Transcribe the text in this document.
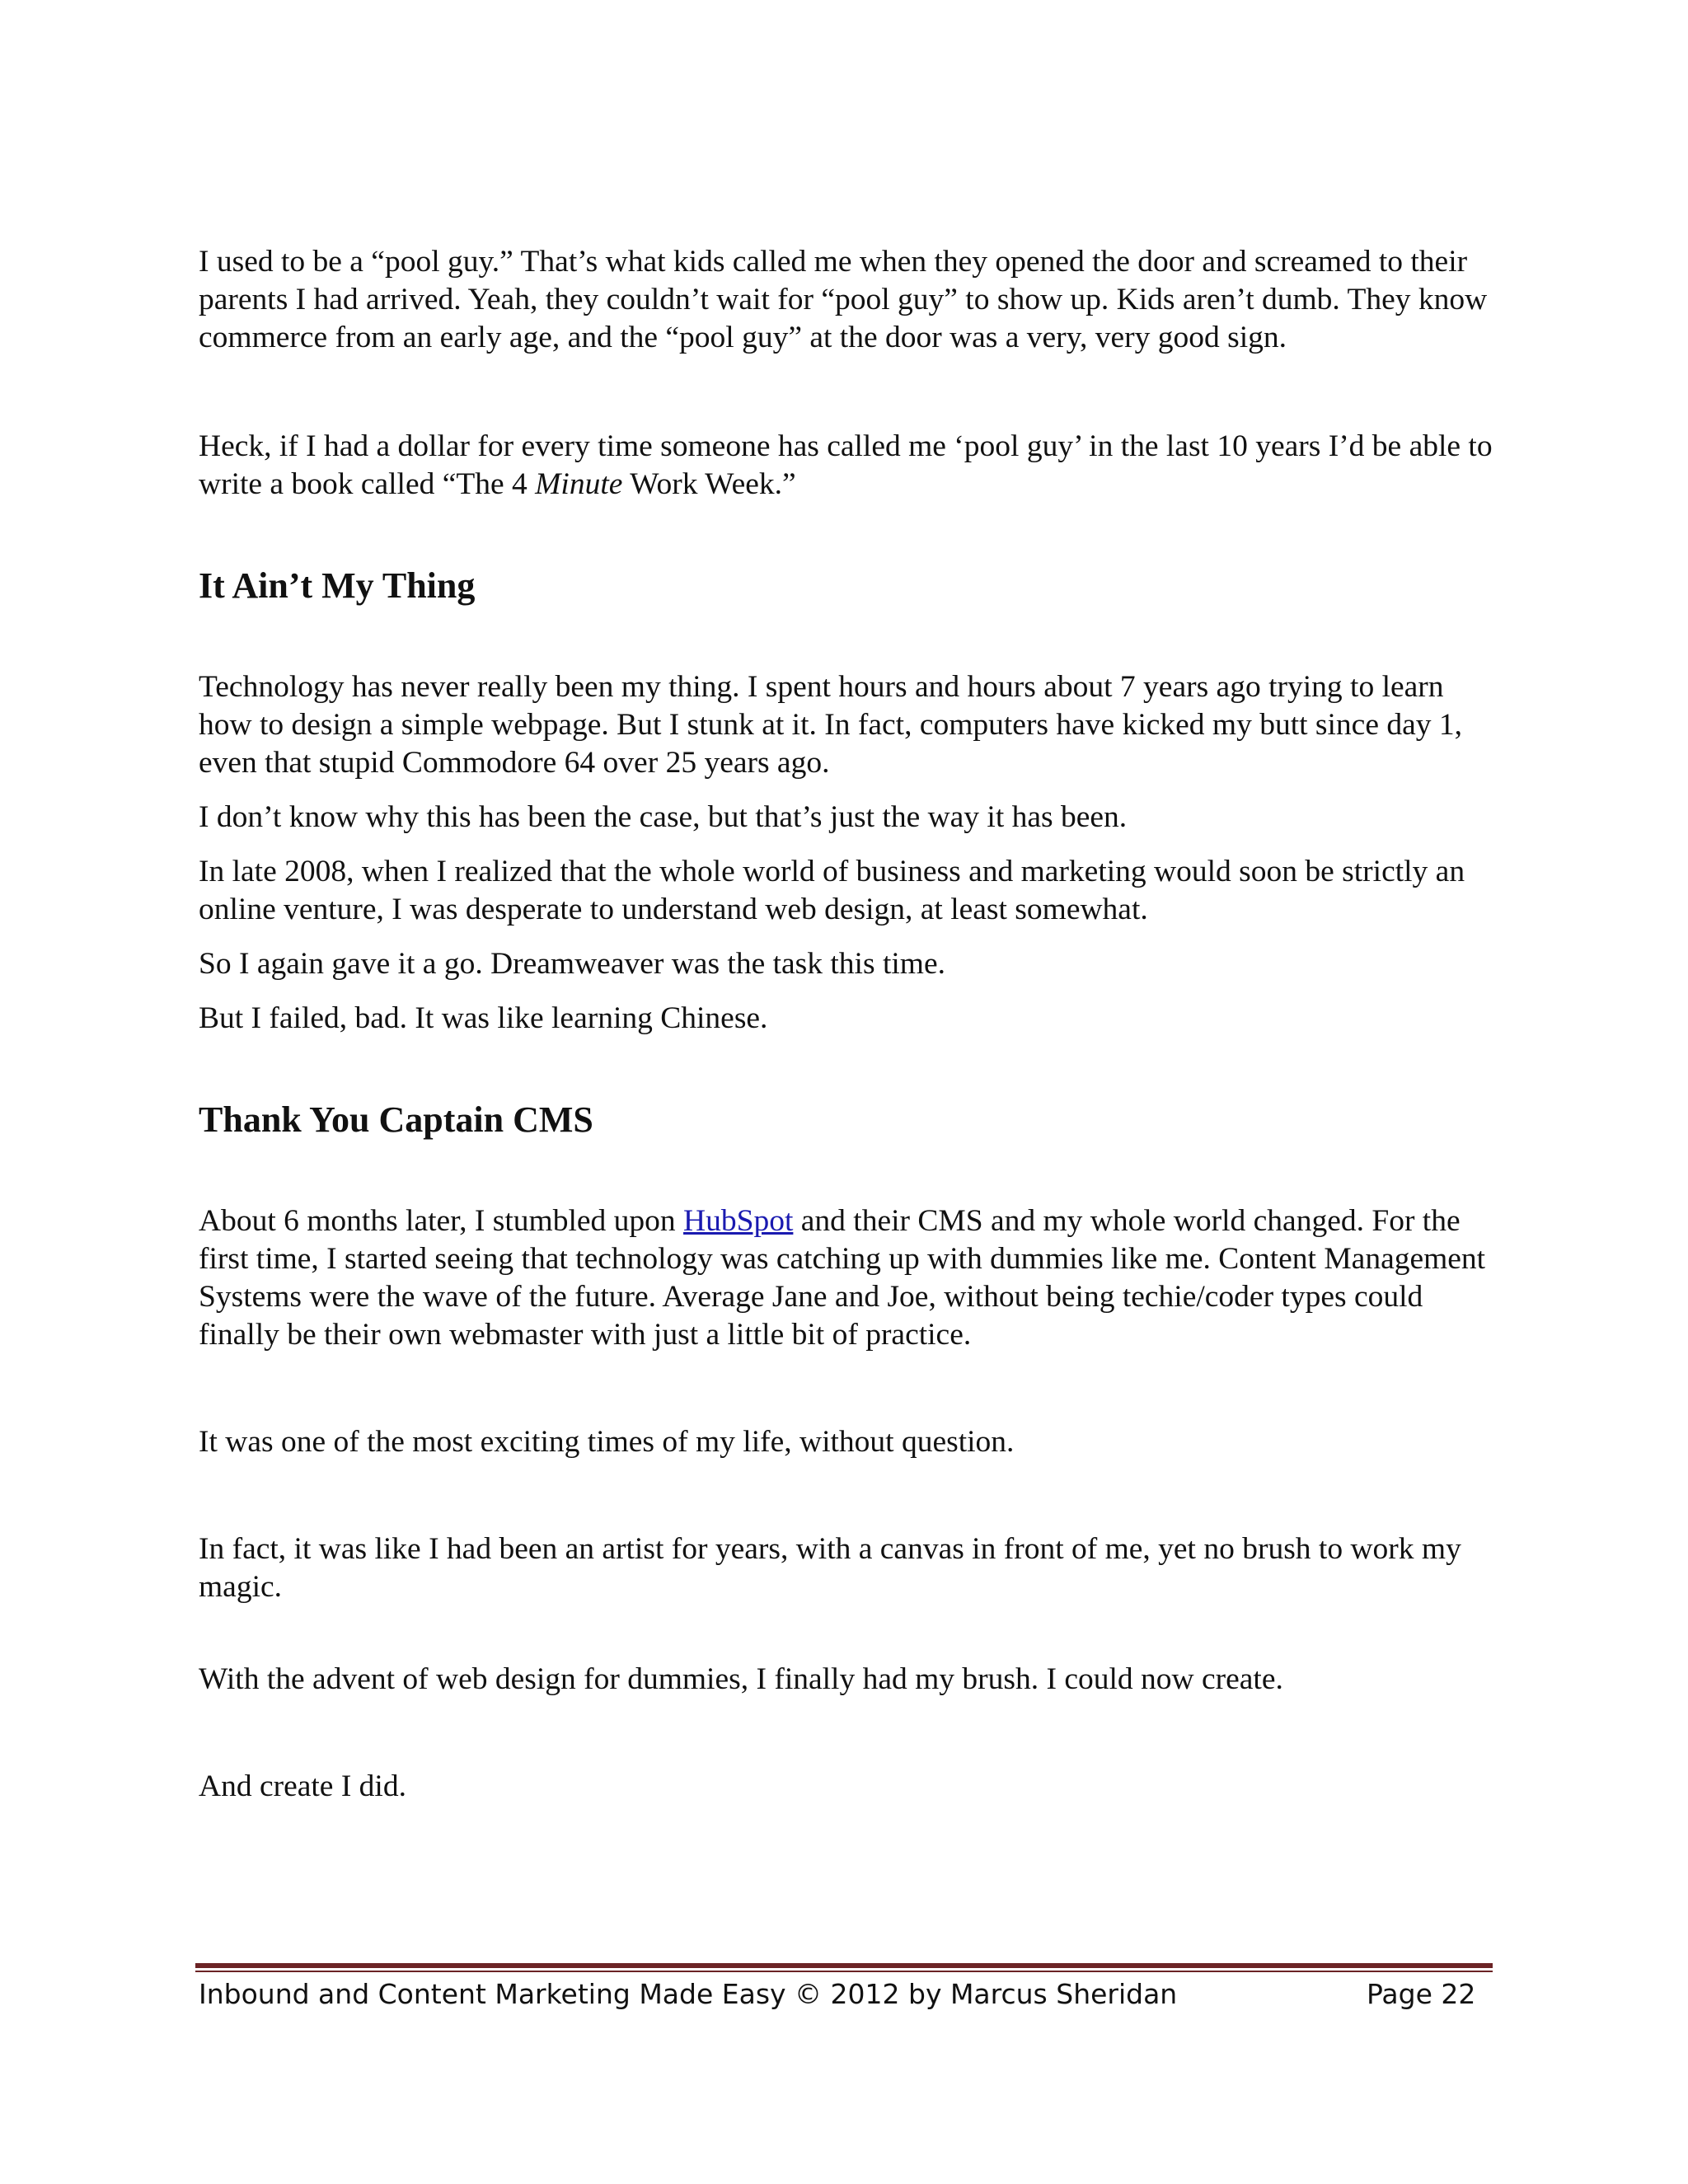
I used to be a “pool guy.” That’s what kids called me when they opened the door and screamed to their parents I had arrived. Yeah, they couldn’t wait for “pool guy” to show up. Kids aren’t dumb. They know commerce from an early age, and the “pool guy” at the door was a very, very good sign.

Heck, if I had a dollar for every time someone has called me ‘pool guy’ in the last 10 years I’d be able to write a book called “The 4 Minute Work Week.”

It Ain’t My Thing

Technology has never really been my thing. I spent hours and hours about 7 years ago trying to learn how to design a simple webpage. But I stunk at it. In fact, computers have kicked my butt since day 1, even that stupid Commodore 64 over 25 years ago.

I don’t know why this has been the case, but that’s just the way it has been.

In late 2008, when I realized that the whole world of business and marketing would soon be strictly an online venture, I was desperate to understand web design, at least somewhat.

So I again gave it a go. Dreamweaver was the task this time.

But I failed, bad. It was like learning Chinese.

Thank You Captain CMS

About 6 months later, I stumbled upon HubSpot and their CMS and my whole world changed. For the first time, I started seeing that technology was catching up with dummies like me. Content Management Systems were the wave of the future. Average Jane and Joe, without being techie/coder types could finally be their own webmaster with just a little bit of practice.

It was one of the most exciting times of my life, without question.

In fact, it was like I had been an artist for years, with a canvas in front of me, yet no brush to work my magic.

With the advent of web design for dummies, I finally had my brush. I could now create.

And create I did.

Inbound and Content Marketing Made Easy © 2012 by Marcus Sheridan	Page 22
